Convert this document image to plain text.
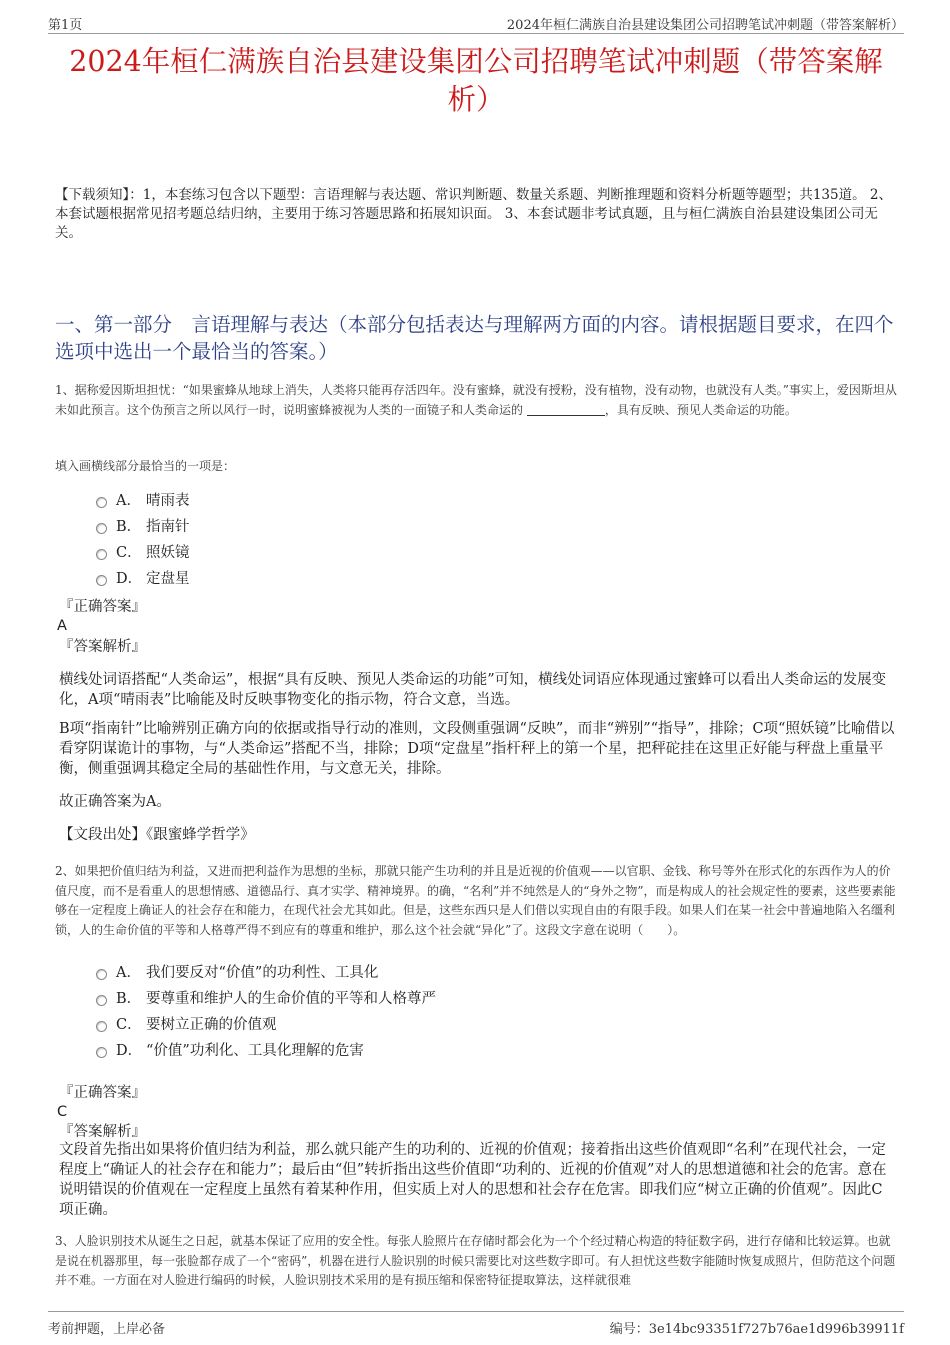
第1页	2024年桓仁满族自治县建设集团公司招聘笔试冲刺题（带答案解析）
2024年桓仁满族自治县建设集团公司招聘笔试冲刺题（带答案解析）

【下载须知】：1，本套练习包含以下题型：言语理解与表达题、常识判断题、数量关系题、判断推理题和资料分析题等题型；共135道。 2、本套试题根据常见招考题总结归纳，主要用于练习答题思路和拓展知识面。 3、本套试题非考试真题，且与桓仁满族自治县建设集团公司无关。

一、第一部分　言语理解与表达（本部分包括表达与理解两方面的内容。请根据题目要求，在四个选项中选出一个最恰当的答案。）

1、据称爱因斯坦担忧：“如果蜜蜂从地球上消失，人类将只能再存活四年。没有蜜蜂，就没有授粉，没有植物，没有动物，也就没有人类。”事实上，爱因斯坦从未如此预言。这个伪预言之所以风行一时，说明蜜蜂被视为人类的一面镜子和人类命运的	，具有反映、预见人类命运的功能。

填入画横线部分最恰当的一项是：

A． 晴雨表
B． 指南针
C． 照妖镜
D． 定盘星

『正确答案』

A

『答案解析』

横线处词语搭配“人类命运”，根据“具有反映、预见人类命运的功能”可知，横线处词语应体现通过蜜蜂可以看出人类命运的发展变化，A项“晴雨表”比喻能及时反映事物变化的指示物，符合文意，当选。

B项“指南针”比喻辨别正确方向的依据或指导行动的准则，文段侧重强调“反映”，而非“辨别”“指导”，排除；C项“照妖镜”比喻借以看穿阴谋诡计的事物，与“人类命运”搭配不当，排除；D项“定盘星”指杆秤上的第一个星，把秤砣挂在这里正好能与秤盘上重量平衡，侧重强调其稳定全局的基础性作用，与文意无关，排除。

故正确答案为A。

【文段出处】《跟蜜蜂学哲学》

2、如果把价值归结为利益，又进而把利益作为思想的坐标，那就只能产生功利的并且是近视的价值观——以官职、金钱、称号等外在形式化的东西作为人的价值尺度，而不是看重人的思想情感、道德品行、真才实学、精神境界。的确，“名利”并不纯然是人的“身外之物”，而是构成人的社会规定性的要素，这些要素能够在一定程度上确证人的社会存在和能力，在现代社会尤其如此。但是，这些东西只是人们借以实现自由的有限手段。如果人们在某一社会中普遍地陷入名缰利锁，人的生命价值的平等和人格尊严得不到应有的尊重和维护，那么这个社会就“异化”了。这段文字意在说明（　　）。

A． 我们要反对“价值”的功利性、工具化
B． 要尊重和维护人的生命价值的平等和人格尊严
C． 要树立正确的价值观
D． “价值”功利化、工具化理解的危害

『正确答案』

C

『答案解析』

文段首先指出如果将价值归结为利益，那么就只能产生的功利的、近视的价值观；接着指出这些价值观即“名利”在现代社会，一定程度上“确证人的社会存在和能力”；最后由“但”转折指出这些价值即“功利的、近视的价值观”对人的思想道德和社会的危害。意在说明错误的价值观在一定程度上虽然有着某种作用，但实质上对人的思想和社会存在危害。即我们应“树立正确的价值观”。因此C项正确。

3、人脸识别技术从诞生之日起，就基本保证了应用的安全性。每张人脸照片在存储时都会化为一个个经过精心构造的特征数字码，进行存储和比较运算。也就是说在机器那里，每一张脸都存成了一个“密码”，机器在进行人脸识别的时候只需要比对这些数字即可。有人担忧这些数字能随时恢复成照片，但防范这个问题并不难。一方面在对人脸进行编码的时候，人脸识别技术采用的是有损压缩和保密特征提取算法，这样就很难

考前押题，上岸必备	编号：3e14bc93351f727b76ae1d996b39911f
